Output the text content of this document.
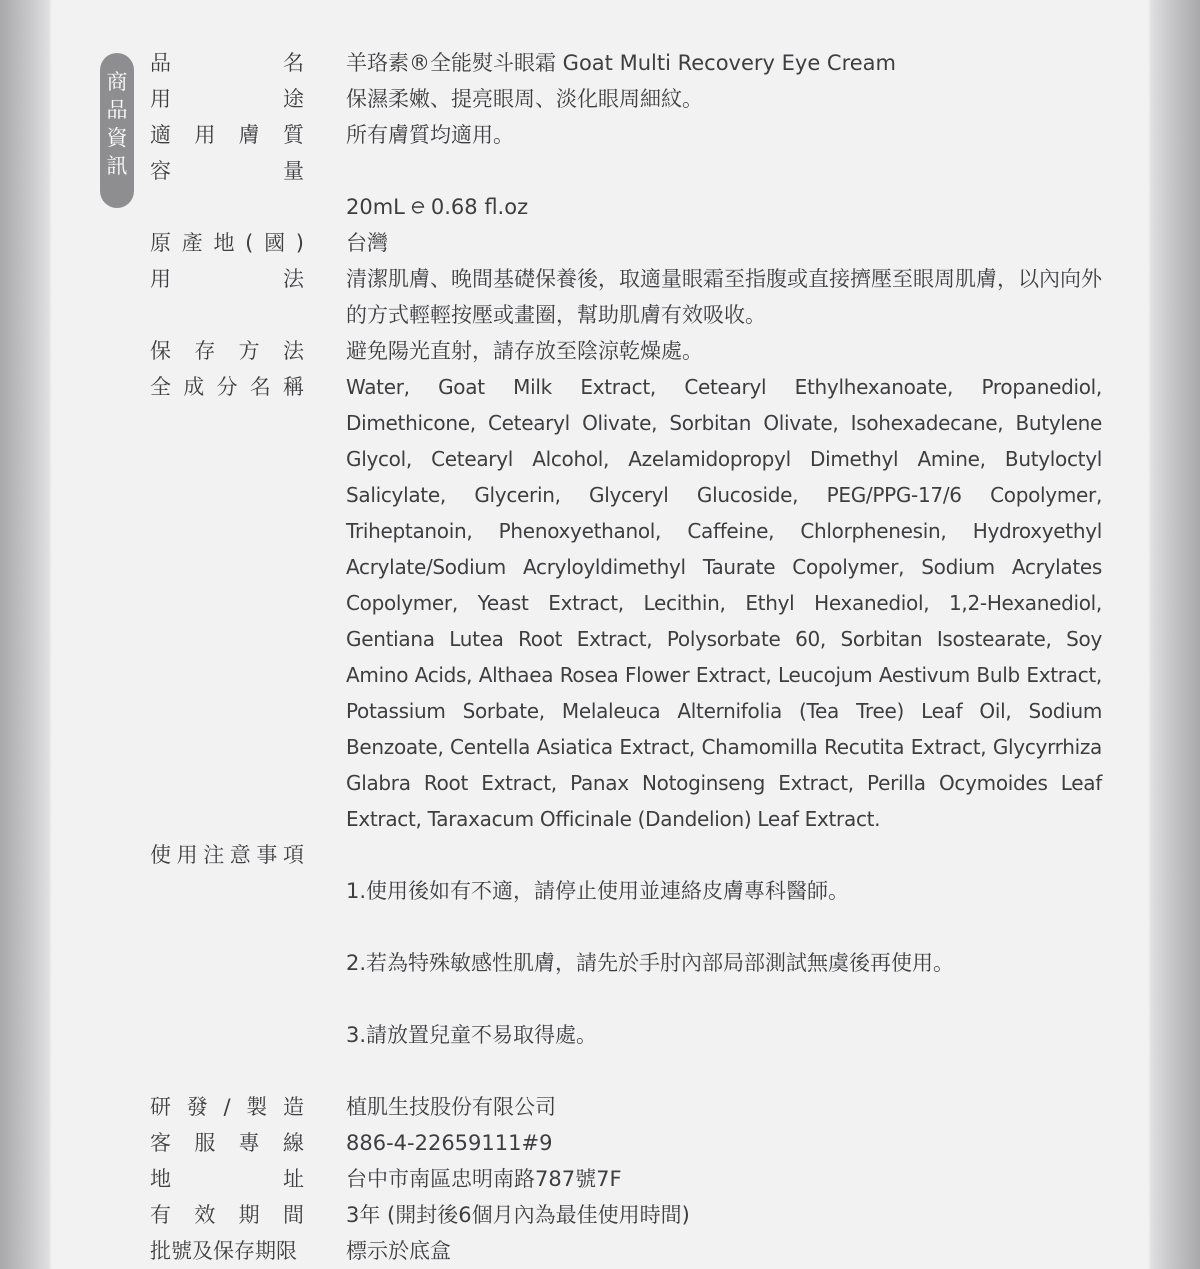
商
品
資
訊
品	名 羊珞素®全能熨斗眼霜 Goat Multi Recovery Eye Cream
用	途 保濕柔嫩、提亮眼周、淡化眼周細紋。
適 用 膚 質 所有膚質均適用。
容	量

20mL 0.68 fl.oz

原 產 地 ( 國 ) 台灣
用	法 清潔肌膚、晚間基礎保養後，取適量眼霜至指腹或直接擠壓至眼周肌膚，以內向外的方式輕輕按壓或畫圈，幫助肌膚有效吸收。
保 存 方 法 避免陽光直射，請存放至陰涼乾燥處。
全 成 分 名 稱 Water, Goat Milk Extract, Cetearyl Ethylhexanoate, Propanediol, Dimethicone, Cetearyl Olivate, Sorbitan Olivate, Isohexadecane, Butylene Glycol, Cetearyl Alcohol, Azelamidopropyl Dimethyl Amine, Butyloctyl Salicylate, Glycerin, Glyceryl Glucoside, PEG/PPG-17/6 Copolymer, Triheptanoin, Phenoxyethanol, Caffeine, Chlorphenesin, Hydroxyethyl Acrylate/Sodium Acryloyldimethyl Taurate Copolymer, Sodium Acrylates Copolymer, Yeast Extract, Lecithin, Ethyl Hexanediol, 1,2-Hexanediol, Gentiana Lutea Root Extract, Polysorbate 60, Sorbitan Isostearate, Soy Amino Acids, Althaea Rosea Flower Extract, Leucojum Aestivum Bulb Extract, Potassium Sorbate, Melaleuca Alternifolia (Tea Tree) Leaf Oil, Sodium Benzoate, Centella Asiatica Extract, Chamomilla Recutita Extract, Glycyrrhiza Glabra Root Extract, Panax Notoginseng Extract, Perilla Ocymoides Leaf Extract, Taraxacum Officinale (Dandelion) Leaf Extract.
使 用 注 意 事 項

1.使用後如有不適，請停止使用並連絡皮膚專科醫師。

2.若為特殊敏感性肌膚，請先於手肘內部局部測試無虞後再使用。

3.請放置兒童不易取得處。

研 發 / 製 造 植肌生技股份有限公司
客 服 專 線 886-4-22659111#9
地	址 台中市南區忠明南路787號7F
有 效 期 間 3年 (開封後6個月內為最佳使用時間)
批號及保存期限 標示於底盒
